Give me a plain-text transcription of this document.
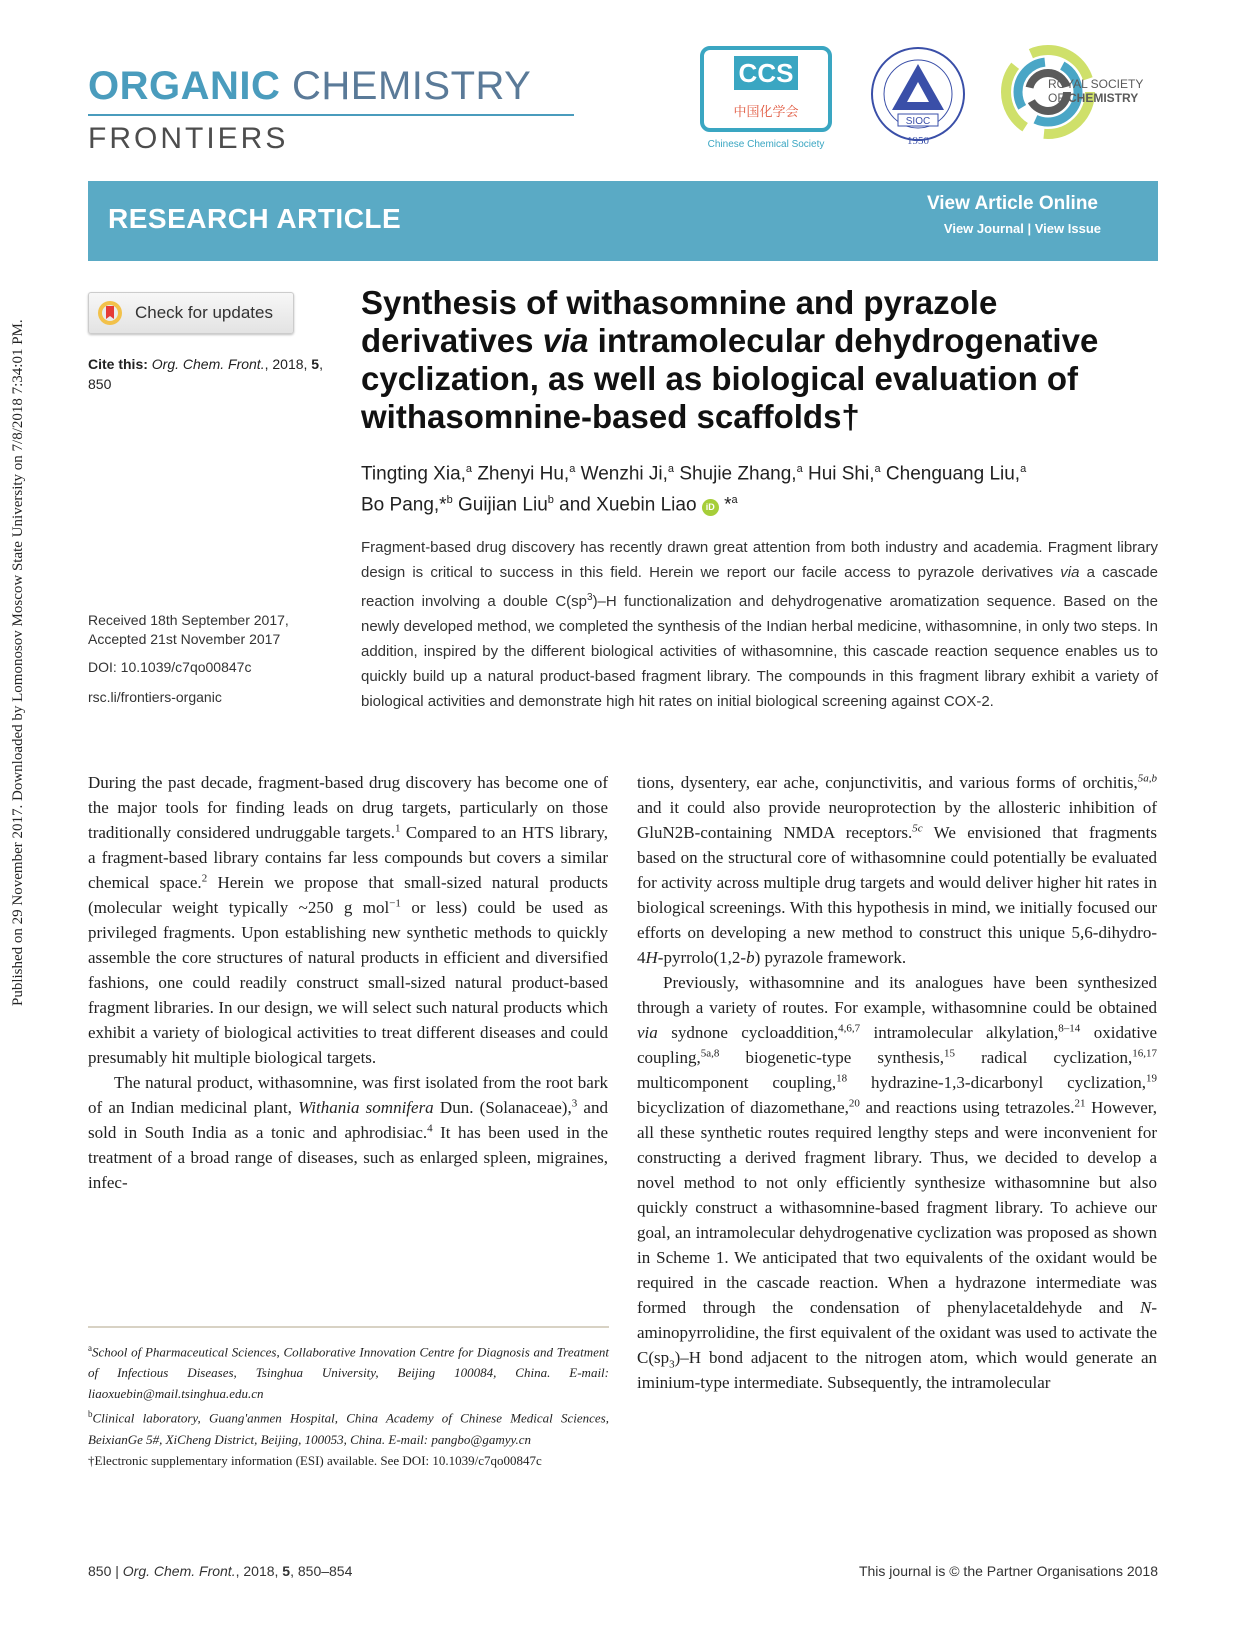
Published on 29 November 2017. Downloaded by Lomonosov Moscow State University on 7/8/2018 7:34:01 PM.
ORGANIC CHEMISTRY
FRONTIERS
CCS
中国化学会
Chinese Chemical Society
SIOC
1950
ROYAL SOCIETY
OF CHEMISTRY
RESEARCH ARTICLE	View Article Online
View Journal | View Issue
Check for updates
Cite this: Org. Chem. Front., 2018, 5, 850
Received 18th September 2017,
Accepted 21st November 2017
DOI: 10.1039/c7qo00847c
rsc.li/frontiers-organic
Synthesis of withasomnine and pyrazole derivatives via intramolecular dehydrogenative cyclization, as well as biological evaluation of withasomnine-based scaffolds†
Tingting Xia,$^a$ Zhenyi Hu,$^a$ Wenzhi Ji,$^a$ Shujie Zhang,$^a$ Hui Shi,$^a$ Chenguang Liu,$^a$
Bo Pang,*$^b$ Guijian Liu$^b$ and Xuebin Liao iD *$^a$
Fragment-based drug discovery has recently drawn great attention from both industry and academia. Fragment library design is critical to success in this field. Herein we report our facile access to pyrazole derivatives via a cascade reaction involving a double $C(sp^3)-H$ functionalization and dehydrogenative aromatization sequence. Based on the newly developed method, we completed the synthesis of the Indian herbal medicine, withasomnine, in only two steps. In addition, inspired by the different biological activities of withasomnine, this cascade reaction sequence enables us to quickly build up a natural product-based fragment library. The compounds in this fragment library exhibit a variety of biological activities and demonstrate high hit rates on initial biological screening against COX-2.

During the past decade, fragment-based drug discovery has become one of the major tools for finding leads on drug targets, particularly on those traditionally considered undruggable targets.$^1$ Compared to an HTS library, a fragment-based library contains far less compounds but covers a similar chemical space.$^2$ Herein we propose that small-sized natural products (molecular weight typically ~250 g mol$^{-1}$ or less) could be used as privileged fragments. Upon establishing new synthetic methods to quickly assemble the core structures of natural products in efficient and diversified fashions, one could readily construct small-sized natural product-based fragment libraries. In our design, we will select such natural products which exhibit a variety of biological activities to treat different diseases and could presumably hit multiple biological targets.

The natural product, withasomnine, was first isolated from the root bark of an Indian medicinal plant, Withania somnifera Dun. (Solanaceae),$^3$ and sold in South India as a tonic and aphrodisiac.$^4$ It has been used in the treatment of a broad range of diseases, such as enlarged spleen, migraines, infec-

tions, dysentery, ear ache, conjunctivitis, and various forms of orchitis,$^{5a,b}$ and it could also provide neuroprotection by the allosteric inhibition of GluN2B-containing NMDA receptors.$^{5c}$ We envisioned that fragments based on the structural core of withasomnine could potentially be evaluated for activity across multiple drug targets and would deliver higher hit rates in biological screenings. With this hypothesis in mind, we initially focused our efforts on developing a new method to construct this unique 5,6-dihydro-4H-pyrrolo(1,2-b) pyrazole framework.

Previously, withasomnine and its analogues have been synthesized through a variety of routes. For example, withasomnine could be obtained via sydnone cycloaddition,$^{4,6,7}$ intramolecular alkylation,$^{8-14}$ oxidative coupling,$^{5a,8}$ biogenetic-type synthesis,$^{15}$ radical cyclization,$^{16,17}$ multicomponent coupling,$^{18}$ hydrazine-1,3-dicarbonyl cyclization,$^{19}$ bicyclization of diazomethane,$^{20}$ and reactions using tetrazoles.$^{21}$ However, all these synthetic routes required lengthy steps and were inconvenient for constructing a derived fragment library. Thus, we decided to develop a novel method to not only efficiently synthesize withasomnine but also quickly construct a withasomnine-based fragment library. To achieve our goal, an intramolecular dehydrogenative cyclization was proposed as shown in Scheme 1. We anticipated that two equivalents of the oxidant would be required in the cascade reaction. When a hydrazone intermediate was formed through the condensation of phenylacetaldehyde and N-aminopyrrolidine, the first equivalent of the oxidant was used to activate the $C(sp_3)-H$ bond adjacent to the nitrogen atom, which would generate an iminium-type intermediate. Subsequently, the intramolecular

$^a$School of Pharmaceutical Sciences, Collaborative Innovation Centre for Diagnosis and Treatment of Infectious Diseases, Tsinghua University, Beijing 100084, China. E-mail: liaoxuebin@mail.tsinghua.edu.cn

$^b$Clinical laboratory, Guang'anmen Hospital, China Academy of Chinese Medical Sciences, BeixianGe 5#, XiCheng District, Beijing, 100053, China. E-mail: pangbo@gamyy.cn

†Electronic supplementary information (ESI) available. See DOI: 10.1039/c7qo00847c

850 | Org. Chem. Front., 2018, 5, 850–854	This journal is © the Partner Organisations 2018
